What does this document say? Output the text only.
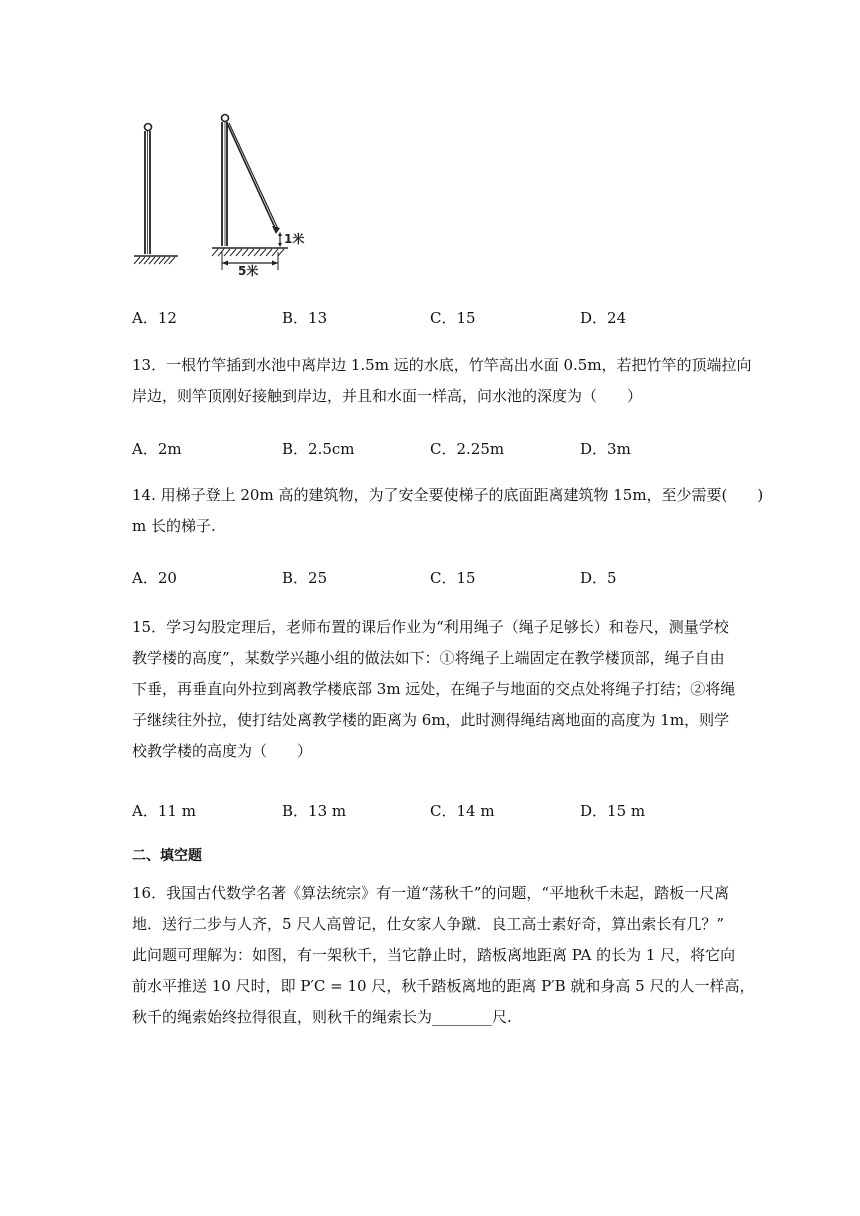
1米
5米
A．12	B．13	C．15	D．24
13．一根竹竿插到水池中离岸边 1.5m 远的水底，竹竿高出水面 0.5m，若把竹竿的顶端拉向
岸边，则竿顶刚好接触到岸边，并且和水面一样高，问水池的深度为（　　）
A．2m	B．2.5cm	C．2.25m	D．3m
14. 用梯子登上 20m 高的建筑物，为了安全要使梯子的底面距离建筑物 15m，至少需要(　　)
m 长的梯子.
A．20	B．25	C．15	D．5
15．学习勾股定理后，老师布置的课后作业为“利用绳子（绳子足够长）和卷尺，测量学校
教学楼的高度”，某数学兴趣小组的做法如下：①将绳子上端固定在教学楼顶部，绳子自由
下垂，再垂直向外拉到离教学楼底部 3m 远处，在绳子与地面的交点处将绳子打结；②将绳
子继续往外拉，使打结处离教学楼的距离为 6m，此时测得绳结离地面的高度为 1m，则学
校教学楼的高度为（　　）
A．11 m	B．13 m	C．14 m	D．15 m
二、填空题
16．我国古代数学名著《算法统宗》有一道“荡秋千”的问题，“平地秋千未起，踏板一尺离
地．送行二步与人齐，5 尺人高曾记，仕女家人争蹴．良工高士素好奇，算出索长有几？”
此问题可理解为：如图，有一架秋千，当它静止时，踏板离地距离 PA 的长为 1 尺，将它向
前水平推送 10 尺时，即 P′C = 10 尺，秋千踏板离地的距离 P′B 就和身高 5 尺的人一样高，
秋千的绳索始终拉得很直，则秋千的绳索长为________尺.
